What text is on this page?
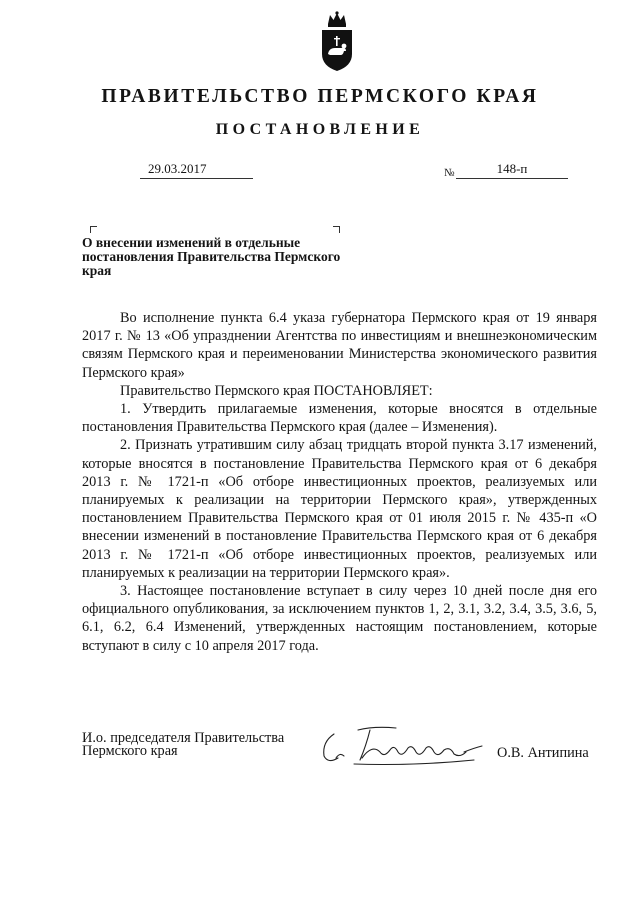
ПРАВИТЕЛЬСТВО ПЕРМСКОГО КРАЯ
ПОСТАНОВЛЕНИЕ
29.03.2017	№	148-п
О внесении изменений в отдельные постановления Правительства Пермского края

Во исполнение пункта 6.4 указа губернатора Пермского края от 19 января 2017 г. № 13 «Об упразднении Агентства по инвестициям и внешнеэкономическим связям Пермского края и переименовании Министерства экономического развития Пермского края»

Правительство Пермского края ПОСТАНОВЛЯЕТ:

1. Утвердить прилагаемые изменения, которые вносятся в отдельные постановления Правительства Пермского края (далее – Изменения).

2. Признать утратившим силу абзац тридцать второй пункта 3.17 изменений, которые вносятся в постановление Правительства Пермского края от 6 декабря 2013 г. № 1721-п «Об отборе инвестиционных проектов, реализуемых или планируемых к реализации на территории Пермского края», утвержденных постановлением Правительства Пермского края от 01 июля 2015 г. № 435-п «О внесении изменений в постановление Правительства Пермского края от 6 декабря 2013 г. № 1721-п «Об отборе инвестиционных проектов, реализуемых или планируемых к реализации на территории Пермского края».

3. Настоящее постановление вступает в силу через 10 дней после дня его официального опубликования, за исключением пунктов 1, 2, 3.1, 3.2, 3.4, 3.5, 3.6, 5, 6.1, 6.2, 6.4 Изменений, утвержденных настоящим постановлением, которые вступают в силу с 10 апреля 2017 года.

И.о. председателя Правительства
Пермского края	О.В. Антипина
